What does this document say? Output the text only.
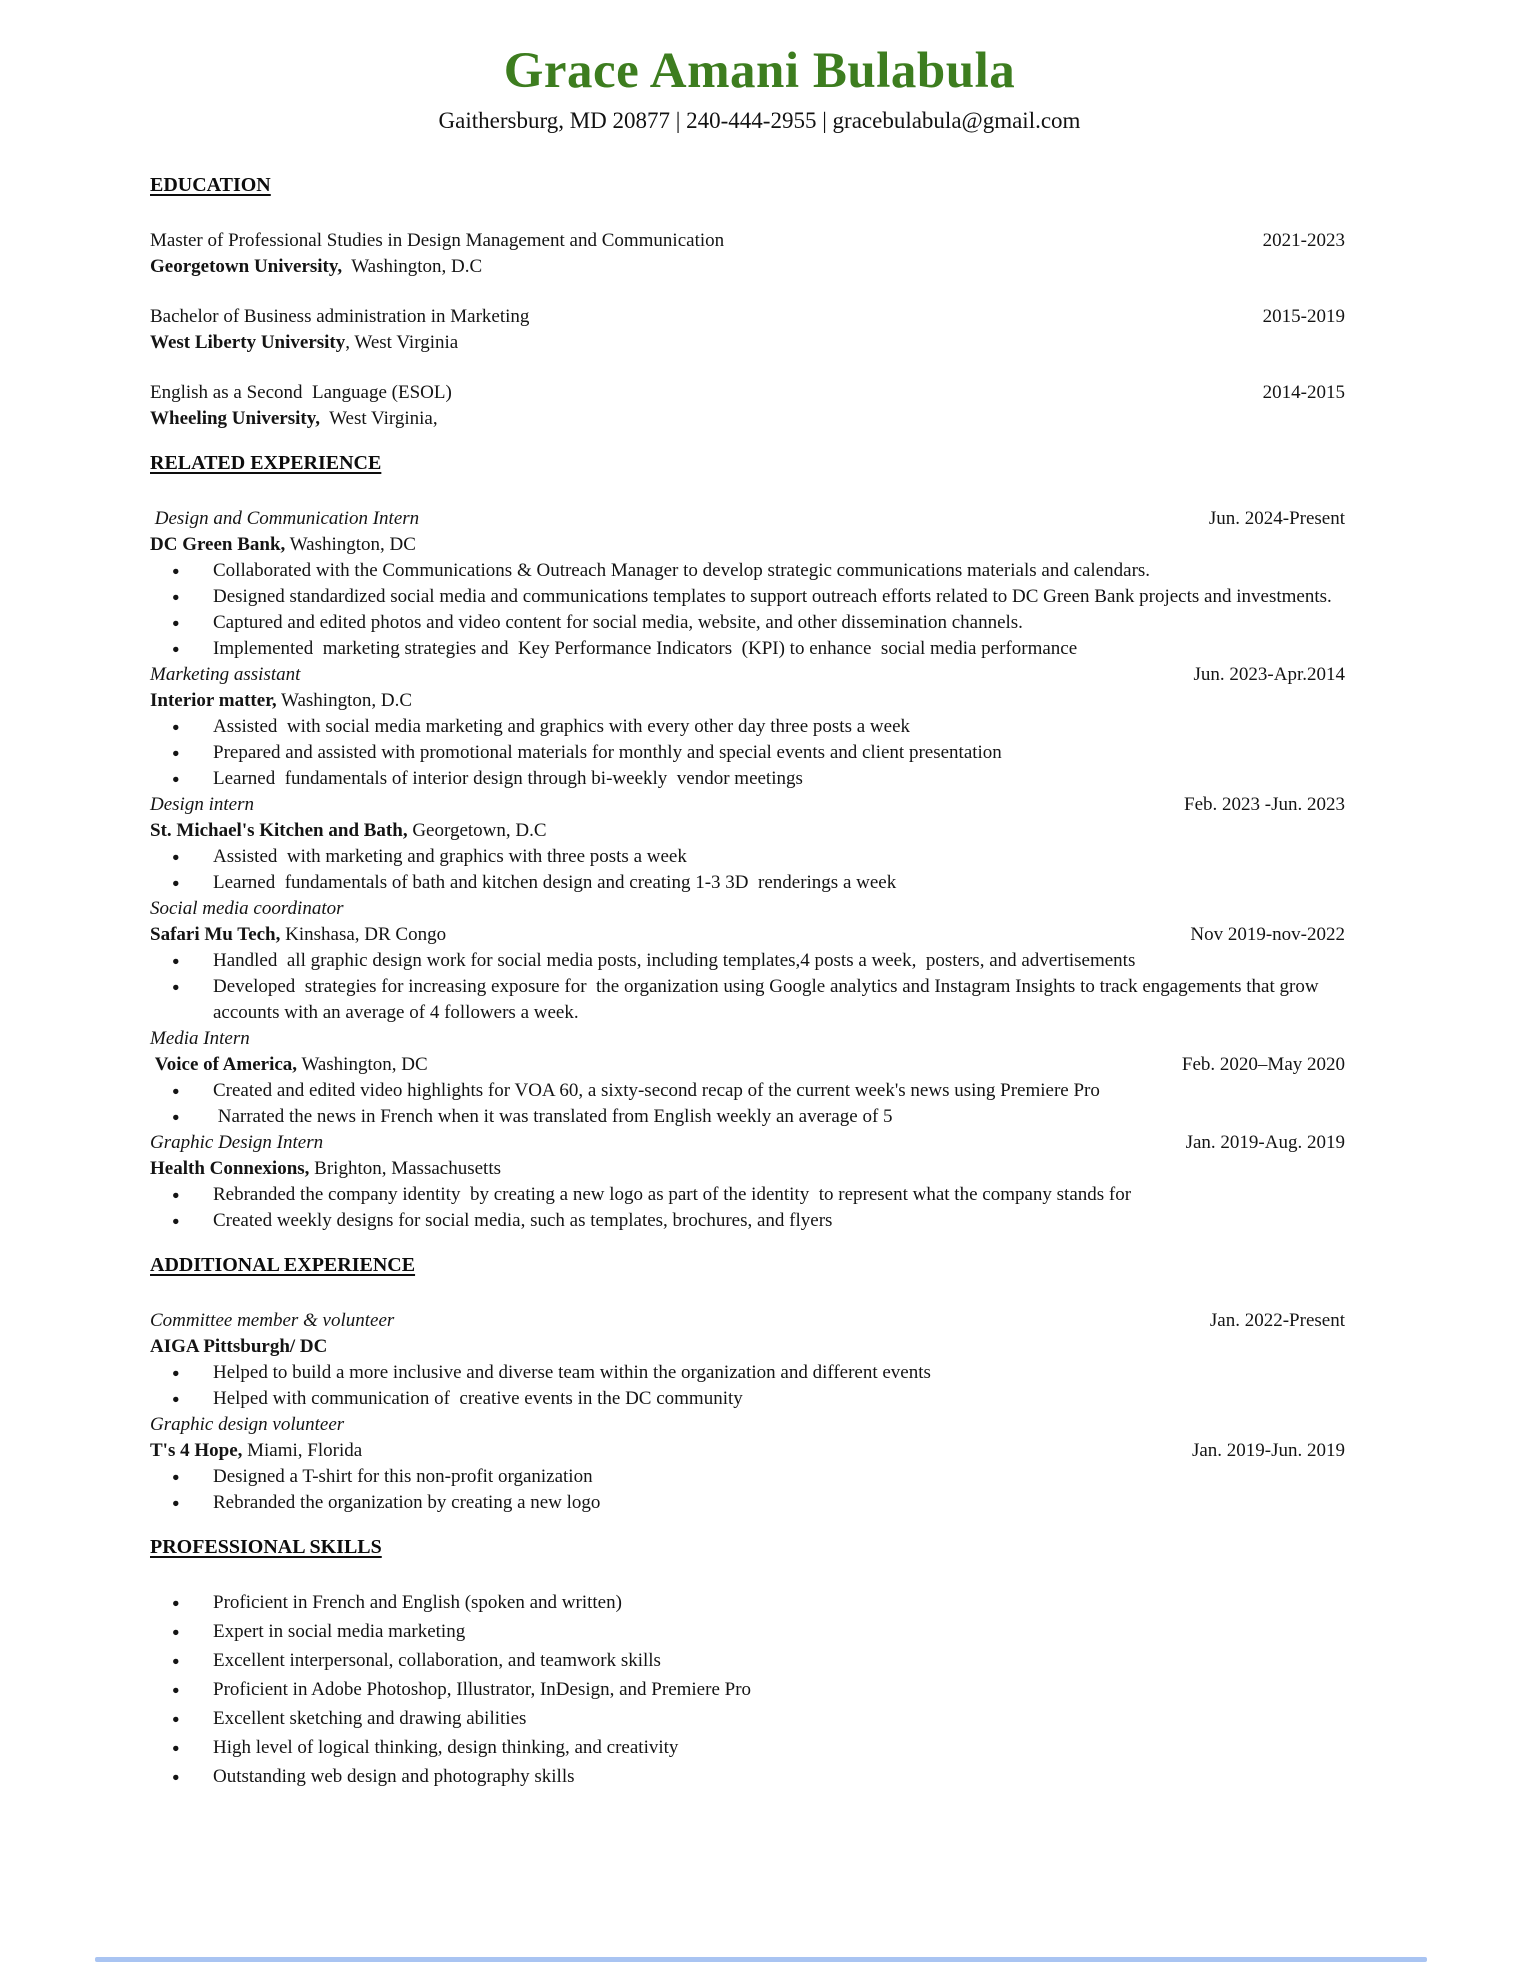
Grace Amani Bulabula
Gaithersburg, MD 20877 | 240-444-2955 | gracebulabula@gmail.com
EDUCATION
Master of Professional Studies in Design Management and Communication	2021-2023
Georgetown University,  Washington, D.C
Bachelor of Business administration in Marketing	2015-2019
West Liberty University, West Virginia
English as a Second  Language (ESOL)	2014-2015
Wheeling University,  West Virginia,
RELATED EXPERIENCE
Design and Communication Intern	Jun. 2024-Present
DC Green Bank, Washington, DC
● Collaborated with the Communications & Outreach Manager to develop strategic communications materials and calendars.
● Designed standardized social media and communications templates to support outreach efforts related to DC Green Bank projects and investments.
● Captured and edited photos and video content for social media, website, and other dissemination channels.
● Implemented  marketing strategies and  Key Performance Indicators  (KPI) to enhance  social media performance
Marketing assistant	Jun. 2023-Apr.2014
Interior matter, Washington, D.C
● Assisted  with social media marketing and graphics with every other day three posts a week
● Prepared and assisted with promotional materials for monthly and special events and client presentation
● Learned  fundamentals of interior design through bi-weekly  vendor meetings
Design intern	Feb. 2023 -Jun. 2023
St. Michael's Kitchen and Bath, Georgetown, D.C
● Assisted  with marketing and graphics with three posts a week
● Learned  fundamentals of bath and kitchen design and creating 1-3 3D  renderings a week
Social media coordinator
Safari Mu Tech, Kinshasa, DR Congo	Nov 2019-nov-2022
● Handled  all graphic design work for social media posts, including templates,4 posts a week,  posters, and advertisements
● Developed  strategies for increasing exposure for  the organization using Google analytics and Instagram Insights to track engagements that grow accounts with an average of 4 followers a week.
Media Intern
Voice of America, Washington, DC	Feb. 2020–May 2020
● Created and edited video highlights for VOA 60, a sixty-second recap of the current week's news using Premiere Pro
●  Narrated the news in French when it was translated from English weekly an average of 5
Graphic Design Intern	Jan. 2019-Aug. 2019
Health Connexions, Brighton, Massachusetts
● Rebranded the company identity  by creating a new logo as part of the identity  to represent what the company stands for
● Created weekly designs for social media, such as templates, brochures, and flyers
ADDITIONAL EXPERIENCE
Committee member & volunteer	Jan. 2022-Present
AIGA Pittsburgh/ DC
● Helped to build a more inclusive and diverse team within the organization and different events
● Helped with communication of  creative events in the DC community
Graphic design volunteer
T's 4 Hope, Miami, Florida	Jan. 2019-Jun. 2019
● Designed a T-shirt for this non-profit organization
● Rebranded the organization by creating a new logo
PROFESSIONAL SKILLS
● Proficient in French and English (spoken and written)
● Expert in social media marketing
● Excellent interpersonal, collaboration, and teamwork skills
● Proficient in Adobe Photoshop, Illustrator, InDesign, and Premiere Pro
● Excellent sketching and drawing abilities
● High level of logical thinking, design thinking, and creativity
● Outstanding web design and photography skills
